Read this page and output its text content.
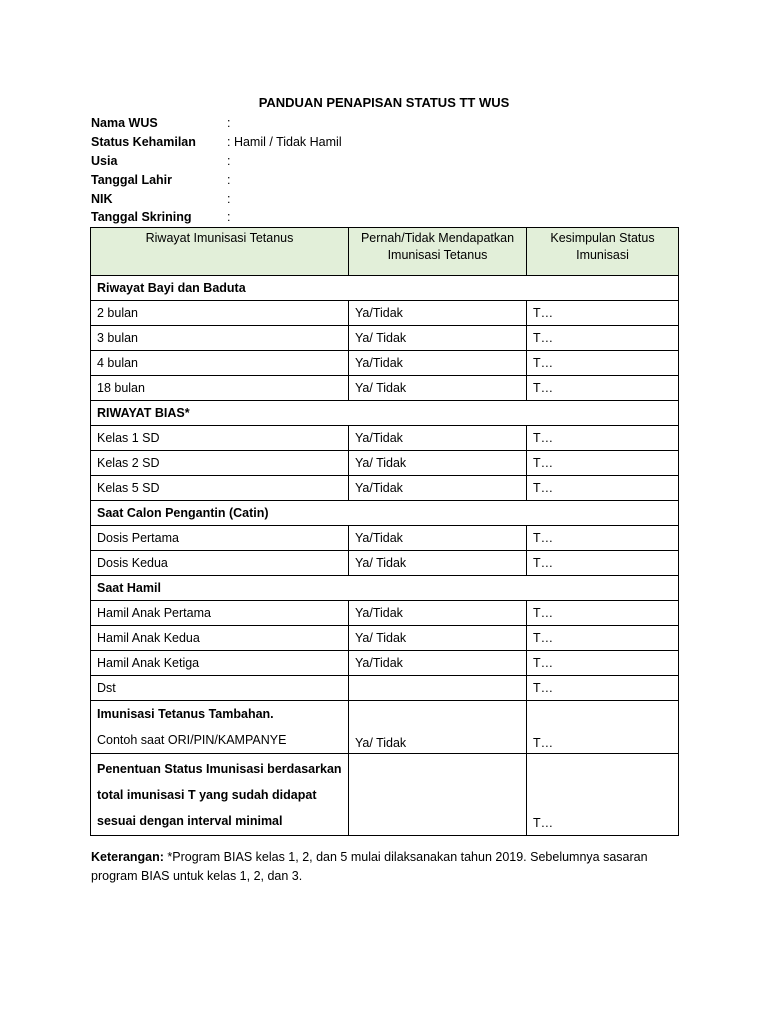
PANDUAN PENAPISAN STATUS TT WUS
Nama WUS	:
Status Kehamilan	: Hamil / Tidak Hamil
Usia	:
Tanggal Lahir	:
NIK	:
Tanggal Skrining	:
Riwayat Imunisasi Tetanus	Pernah/Tidak Mendapatkan Imunisasi Tetanus	Kesimpulan Status Imunisasi

Riwayat Bayi dan Baduta		
2 bulan	Ya/Tidak	T…
3 bulan	Ya/ Tidak	T…
4 bulan	Ya/Tidak	T…
18 bulan	Ya/ Tidak	T…
RIWAYAT BIAS*		
Kelas 1 SD	Ya/Tidak	T…
Kelas 2 SD	Ya/ Tidak	T…
Kelas 5 SD	Ya/Tidak	T…
Saat Calon Pengantin (Catin)		
Dosis Pertama	Ya/Tidak	T…
Dosis Kedua	Ya/ Tidak	T…
Saat Hamil		
Hamil Anak Pertama	Ya/Tidak	T…
Hamil Anak Kedua	Ya/ Tidak	T…
Hamil Anak Ketiga	Ya/Tidak	T…
Dst		T…

Imunisasi Tetanus Tambahan.
Contoh saat ORI/PIN/KAMPANYE	Ya/ Tidak	T…

Penentuan Status Imunisasi berdasarkan
total imunisasi T yang sudah didapat
sesuai dengan interval minimal		T…
Keterangan: *Program BIAS kelas 1, 2, dan 5 mulai dilaksanakan tahun 2019. Sebelumnya sasaran program BIAS untuk kelas 1, 2, dan 3.
